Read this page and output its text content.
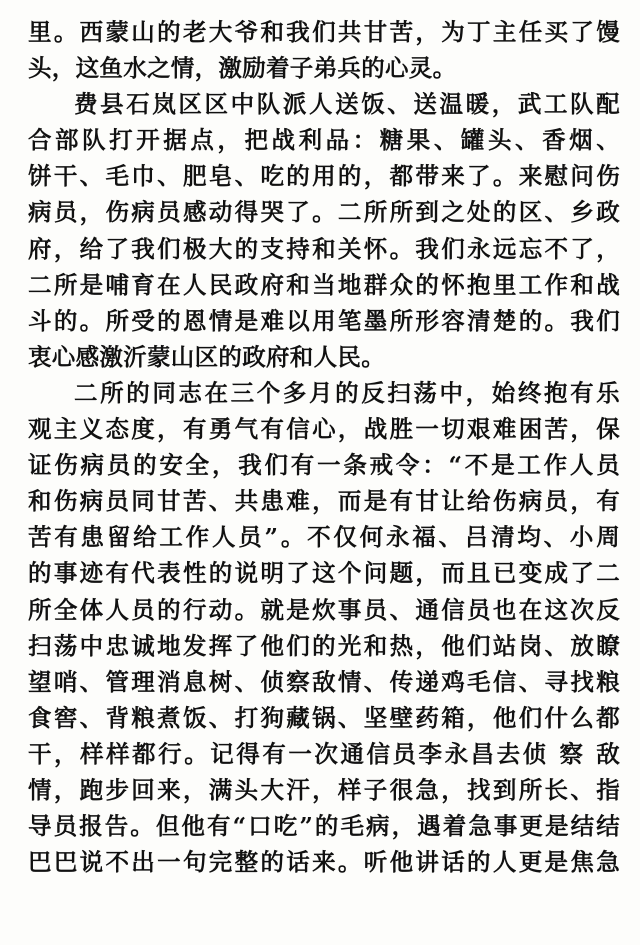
里。西蒙山的老大爷和我们共甘苦，为丁主任买了馒
头，这鱼水之情，激励着子弟兵的心灵。
费县石岚区区中队派人送饭、送温暖，武工队配
合部队打开据点，把战利品：糖果、罐头、香烟、
饼干、毛巾、肥皂、吃的用的，都带来了。来慰问伤
病员，伤病员感动得哭了。二所所到之处的区、乡政
府，给了我们极大的支持和关怀。我们永远忘不了，
二所是哺育在人民政府和当地群众的怀抱里工作和战
斗的。所受的恩情是难以用笔墨所形容清楚的。我们
衷心感激沂蒙山区的政府和人民。
二所的同志在三个多月的反扫荡中，始终抱有乐
观主义态度，有勇气有信心，战胜一切艰难困苦，保
证伤病员的安全，我们有一条戒令：“不是工作人员
和伤病员同甘苦、共患难，而是有甘让给伤病员，有
苦有患留给工作人员”。不仅何永福、吕清均、小周
的事迹有代表性的说明了这个问题，而且已变成了二
所全体人员的行动。就是炊事员、通信员也在这次反
扫荡中忠诚地发挥了他们的光和热，他们站岗、放瞭
望哨、管理消息树、侦察敌情、传递鸡毛信、寻找粮
食窖、背粮煮饭、打狗藏锅、坚壁药箱，他们什么都
干，样样都行。记得有一次通信员李永昌去侦 察 敌
情，跑步回来，满头大汗，样子很急，找到所长、指
导员报告。但他有“口吃”的毛病，遇着急事更是结结
巴巴说不出一句完整的话来。听他讲话的人更是焦急
